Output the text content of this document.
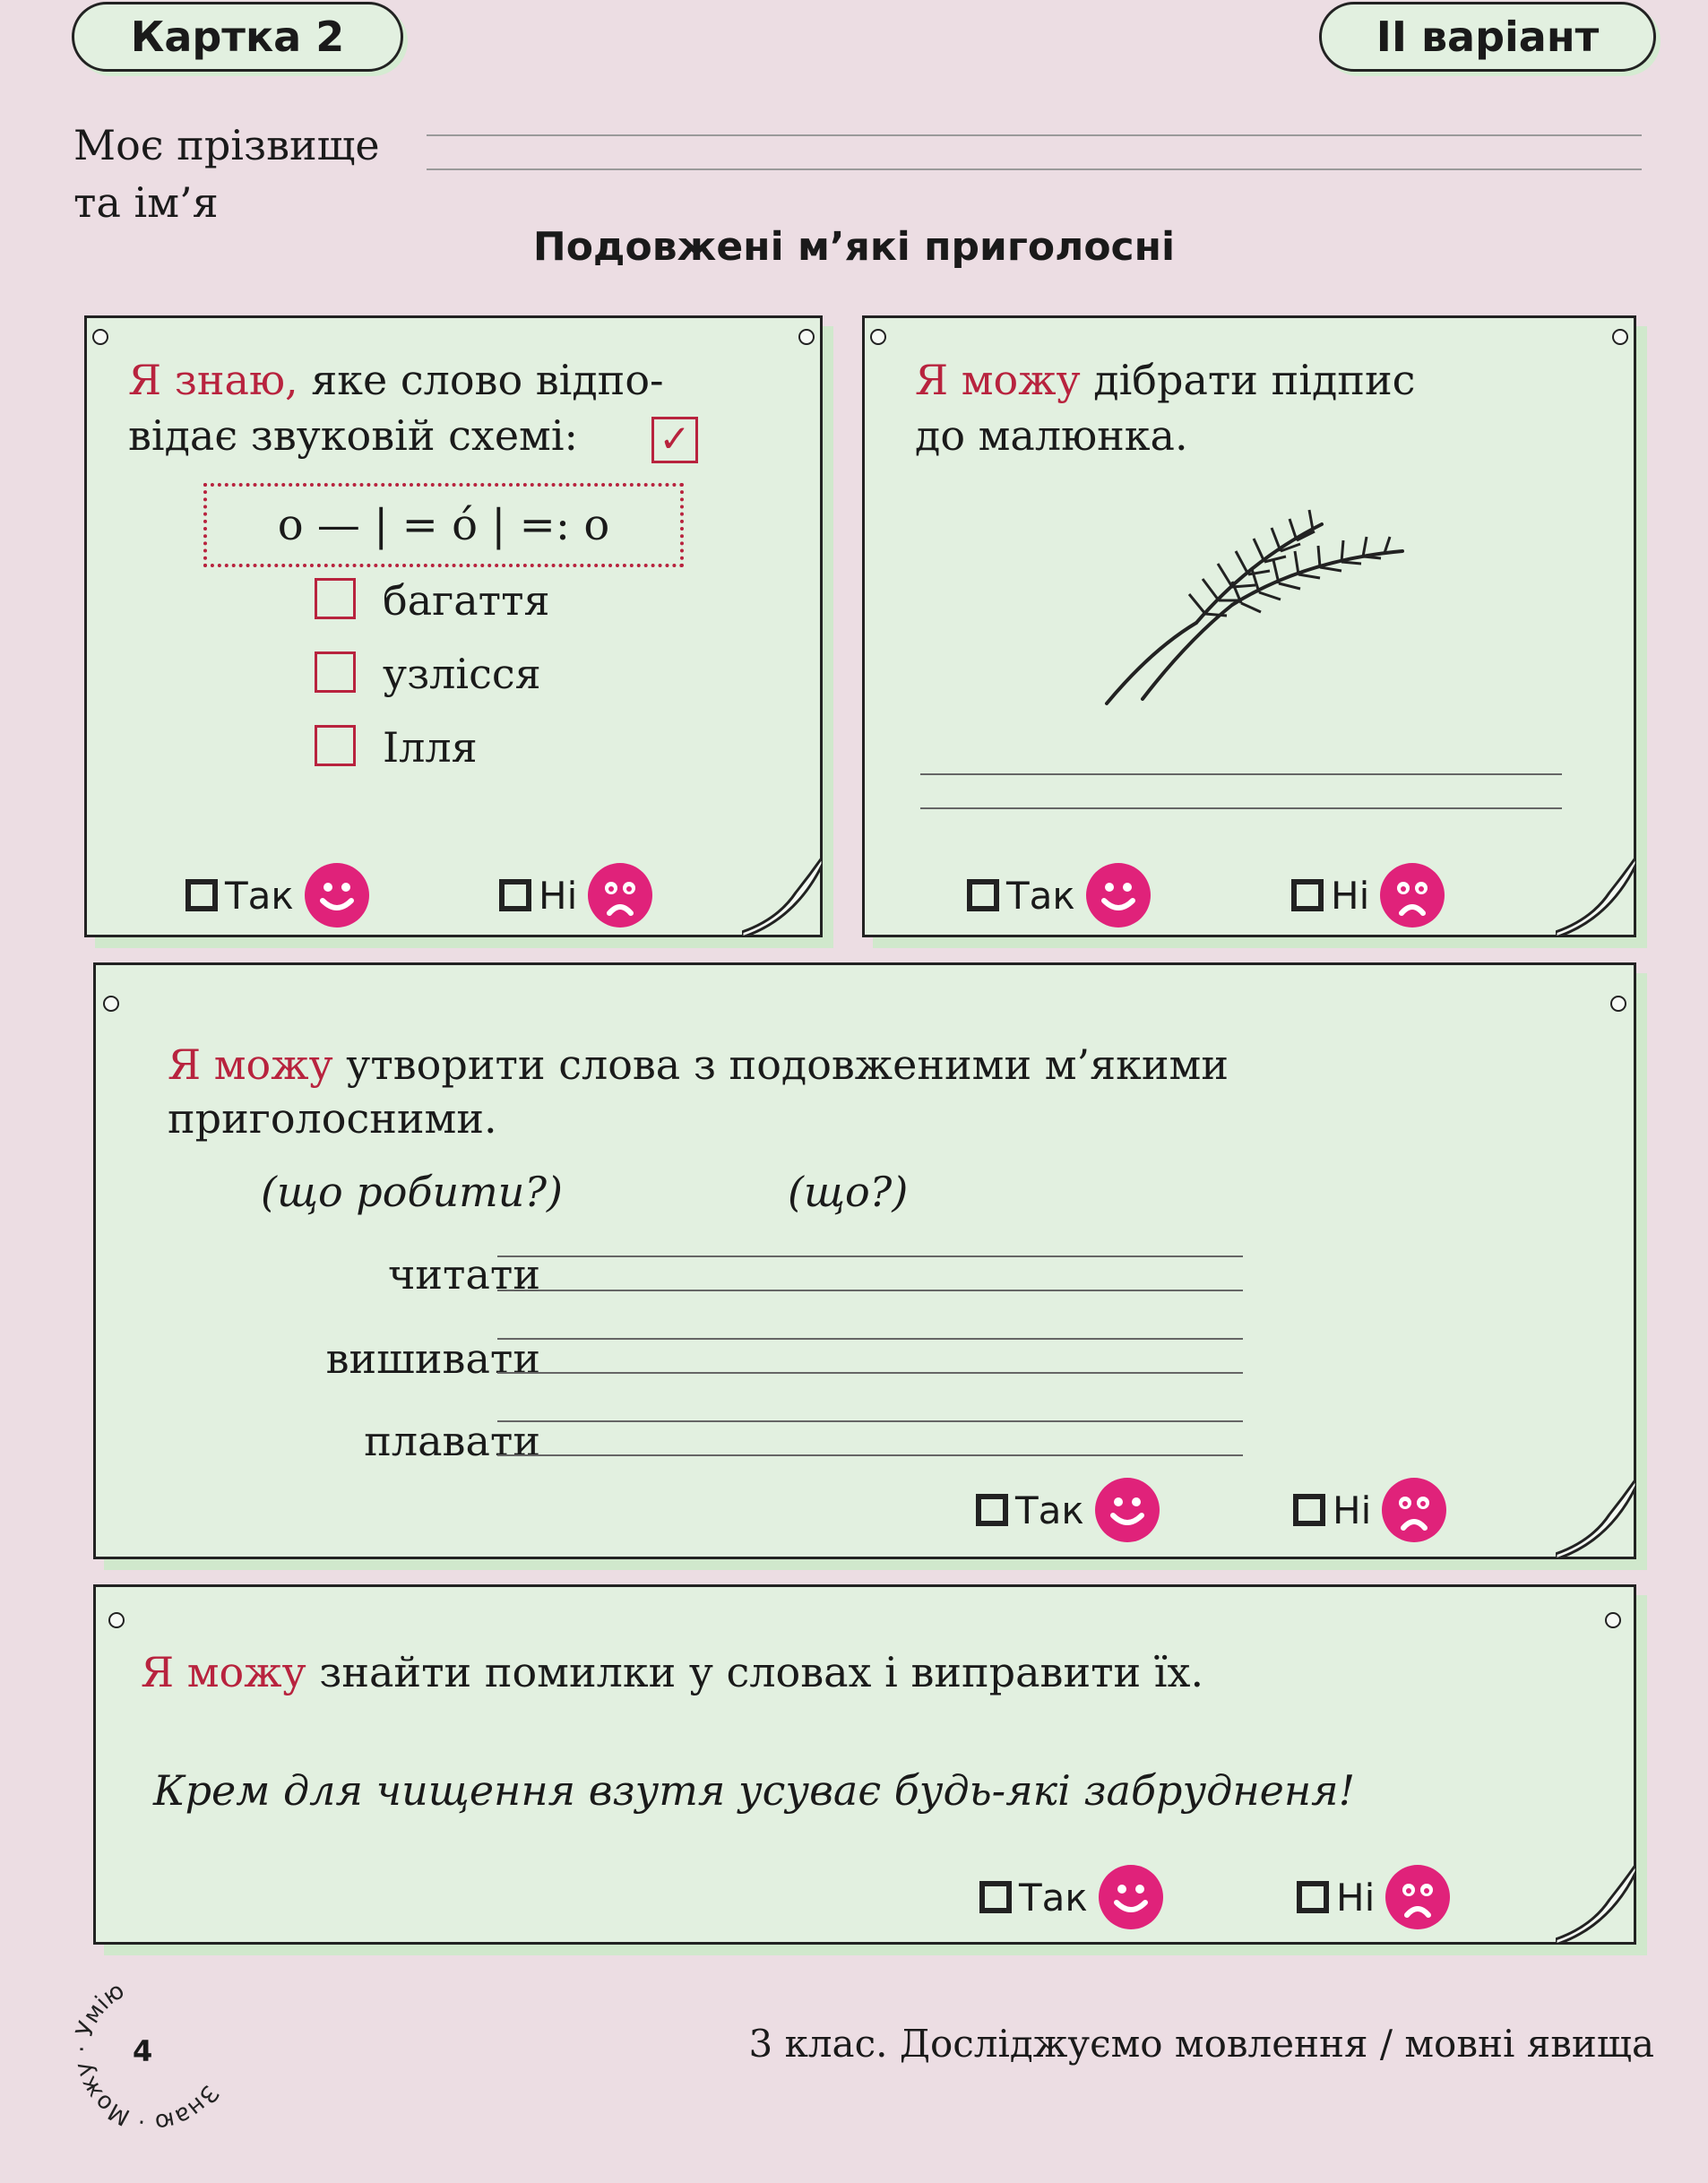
Картка 2	II варіант
Моє прізвище
та ім’я
Подовжені м’які приголосні
Я знаю, яке слово відпо-
відає звуковій схемі: ✓
o — | = ó | =: o
багаття
узлісся
Ілля
Так	Ні
Я можу дібрати підпис
до малюнка.
Так	Ні
Я можу утворити слова з подовженими м’якими
приголосними.
(що робити?)	(що?)
читати
вишивати
плавати
Так	Ні
Я можу знайти помилки у словах і виправити їх.
Крем для чищення взутя усуває будь-які забрудненя!
Так	Ні
Знаю · Можу · Умію
4	3 клас. Досліджуємо мовлення / мовні явища
